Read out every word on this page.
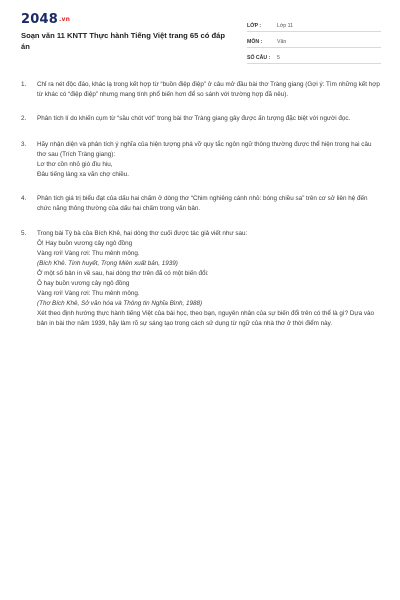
2048.vn
Soạn văn 11 KNTT Thực hành Tiếng Việt trang 65 có đáp án
LỚP :	Lớp 11
MÔN :	Văn
SỐ CÂU :	5
1. Chỉ ra nét độc đáo, khác lạ trong kết hợp từ “buồn điệp điệp” ở câu mở đầu bài thơ Tràng giang (Gợi ý: Tìm những kết hợp từ khác có “điệp điệp” nhưng mang tính phổ biến hơn để so sánh với trường hợp đã nêu).
2. Phân tích lí do khiến cụm từ “sầu chót vót” trong bài thơ Tràng giang gây được ấn tượng đặc biệt với người đọc.
3. Hãy nhận diện và phân tích ý nghĩa của hiện tượng phá vỡ quy tắc ngôn ngữ thông thường được thể hiện trong hai câu thơ sau (Trích Tràng giang):
Lơ thơ cồn nhỏ gió đìu hiu,
Đâu tiếng làng xa vãn chợ chiều.
4. Phân tích giá trị biểu đạt của dấu hai chấm ở dòng thơ “Chim nghiêng cánh nhỏ: bóng chiều sa” trên cơ sở liên hệ đến chức năng thông thường của dấu hai chấm trong văn bản.
5. Trong bài Tỳ bà của Bích Khê, hai dòng thơ cuối được tác giả viết như sau:
Ô! Hay buồn vương cây ngô đồng
Vàng rơi! Vàng rơi: Thu mênh mông.
(Bích Khê. Tinh huyết, Trọng Miên xuất bản, 1939)
Ở một số bản in về sau, hai dòng thơ trên đã có một biến đổi:
Ô hay buồn vương cây ngô đồng
Vàng rơi! Vàng rơi: Thu mênh mông.
(Thơ Bích Khê, Sở văn hóa và Thông tin Nghĩa Bình, 1988)
Xét theo định hướng thực hành tiếng Việt của bài học, theo bạn, nguyên nhân của sự biến đổi trên có thể là gì? Dựa vào bản in bài thơ năm 1939, hãy làm rõ sự sáng tạo trong cách sử dụng từ ngữ của nhà thơ ở thời điểm này.
